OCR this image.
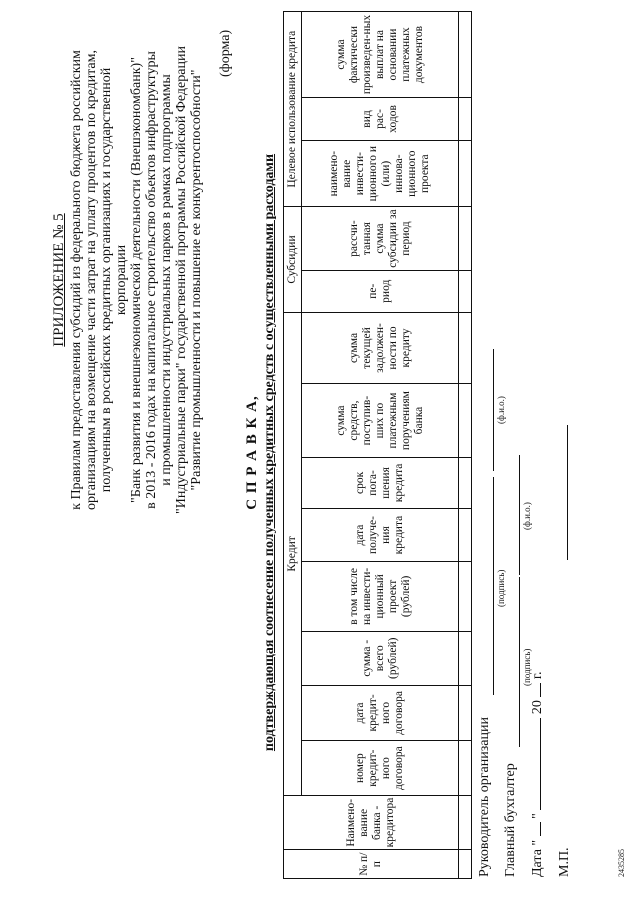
ПРИЛОЖЕНИЕ № 5 к Правилам предоставления субсидий из федерального бюджета российским организациям на возмещение части затрат на уплату процентов по кредитам, полученным в российских кредитных организациях и государственной корпорации "Банк развития и внешнеэкономической деятельности (Внешэкономбанк)" в 2013 - 2016 годах на капитальное строительство объектов инфраструктуры и промышленности индустриальных парков в рамках подпрограммы "Индустриальные парки" государственной программы Российской Федерации "Развитие промышленности и повышение ее конкурентоспособности"
(форма)
С П Р А В К А, подтверждающая соотнесение полученных кредитных средств с осуществленными расходами
№ п/п	Наимено-вание банка - кредитора	Кредит								Субсидии		Целевое использование кредита		
		номер кредит-ного договора	дата кредит-ного договора	сумма - всего (рублей)	в том числе на инвести-ционный проект (рублей)	дата получе-ния кредита	срок пога-шения кредита	сумма средств, поступив-ших по платежным поручениям банка	сумма текущей задолжен-ности по кредиту	пе-риод	рассчи-танная сумма субсидии за период	наимено-вание инвести-ционного и (или) иннова-ционного проекта	вид рас-ходов	сумма фактически произведен-ных выплат на основании платежных документов

Руководитель организации
(подпись)
(ф.и.о.)
Главный бухгалтер
(подпись)
(ф.и.о.)
Дата "  "  20  г.
М.П.	2435285
